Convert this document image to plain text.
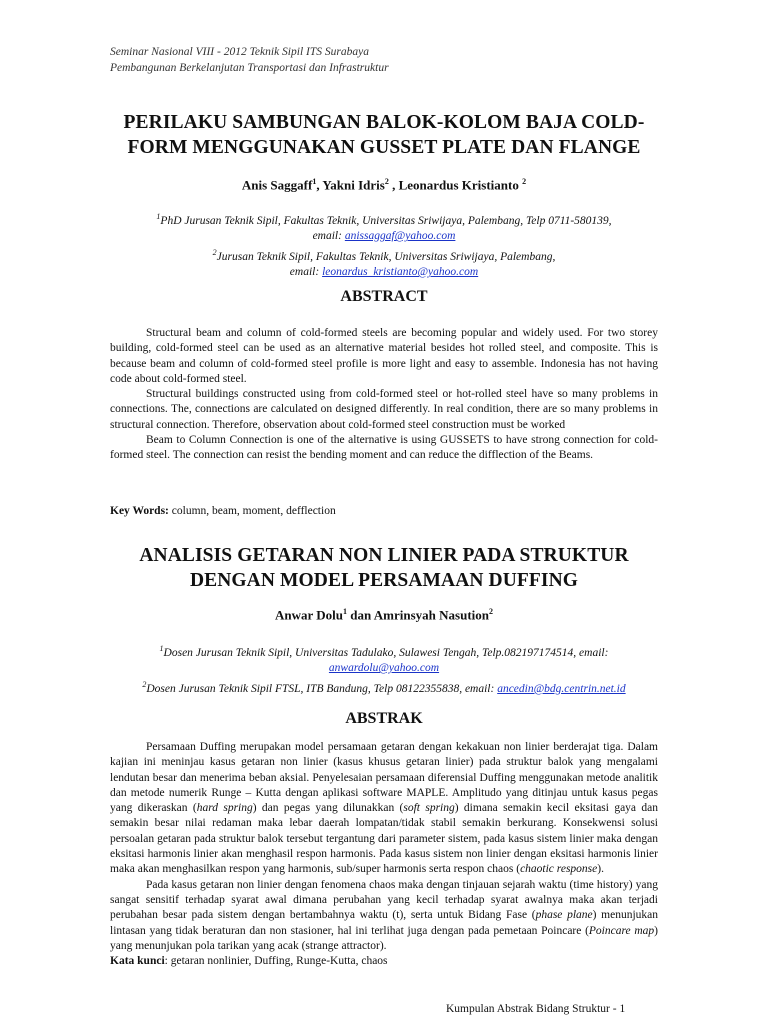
Seminar Nasional VIII - 2012 Teknik Sipil ITS Surabaya
Pembangunan Berkelanjutan Transportasi dan Infrastruktur
PERILAKU SAMBUNGAN BALOK-KOLOM BAJA COLD-
FORM MENGGUNAKAN GUSSET PLATE DAN FLANGE
Anis Saggaff$^1$, Yakni Idris$^2$ , Leonardus Kristianto $^2$
$^1$PhD Jurusan Teknik Sipil, Fakultas Teknik, Universitas Sriwijaya, Palembang, Telp 0711-580139,
email: anissaggaf@yahoo.com
$^2$Jurusan Teknik Sipil, Fakultas Teknik, Universitas Sriwijaya, Palembang,
email: leonardus_kristianto@yahoo.com
ABSTRACT

Structural beam and column of cold-formed steels are becoming popular and widely used. For two storey building, cold-formed steel can be used as an alternative material besides hot rolled steel, and composite. This is because beam and column of cold-formed steel profile is more light and easy to assemble. Indonesia has not having code about cold-formed steel.

Structural buildings constructed using from cold-formed steel or hot-rolled steel have so many problems in connections. The, connections are calculated on designed differently. In real condition, there are so many problems in structural connection. Therefore, observation about cold-formed steel construction must be worked

Beam to Column Connection is one of the alternative is using GUSSETS to have strong connection for cold-formed steel. The connection can resist the bending moment and can reduce the difflection of the Beams.

Key Words: column, beam, moment, defflection
ANALISIS GETARAN NON LINIER PADA STRUKTUR
DENGAN MODEL PERSAMAAN DUFFING
Anwar Dolu$^1$ dan Amrinsyah Nasution$^2$
$^1$Dosen Jurusan Teknik Sipil, Universitas Tadulako, Sulawesi Tengah, Telp.082197174514, email:
anwardolu@yahoo.com
$^2$Dosen Jurusan Teknik Sipil FTSL, ITB Bandung, Telp 08122355838, email: ancedin@bdg.centrin.net.id
ABSTRAK

Persamaan Duffing merupakan model persamaan getaran dengan kekakuan non linier berderajat tiga. Dalam kajian ini meninjau kasus getaran non linier (kasus khusus getaran linier) pada struktur balok yang mengalami lendutan besar dan menerima beban aksial. Penyelesaian persamaan diferensial Duffing menggunakan metode analitik dan metode numerik Runge – Kutta dengan aplikasi software MAPLE. Amplitudo yang ditinjau untuk kasus pegas yang dikeraskan (hard spring) dan pegas yang dilunakkan (soft spring) dimana semakin kecil eksitasi gaya dan semakin besar nilai redaman maka lebar daerah lompatan/tidak stabil semakin berkurang. Konsekwensi solusi persoalan getaran pada struktur balok tersebut tergantung dari parameter sistem, pada kasus sistem linier maka dengan eksitasi harmonis linier akan menghasil respon harmonis. Pada kasus sistem non linier dengan eksitasi harmonis linier maka akan menghasilkan respon yang harmonis, sub/super harmonis serta respon chaos (chaotic response).

Pada kasus getaran non linier dengan fenomena chaos maka dengan tinjauan sejarah waktu (time history) yang sangat sensitif terhadap syarat awal dimana perubahan yang kecil terhadap syarat awalnya maka akan terjadi perubahan besar pada sistem dengan bertambahnya waktu (t), serta untuk Bidang Fase (phase plane) menunjukan lintasan yang tidak beraturan dan non stasioner, hal ini terlihat juga dengan pada pemetaan Poincare (Poincare map) yang menunjukan pola tarikan yang acak (strange attractor).

Kata kunci: getaran nonlinier, Duffing, Runge-Kutta, chaos
Kumpulan Abstrak Bidang Struktur - 1
